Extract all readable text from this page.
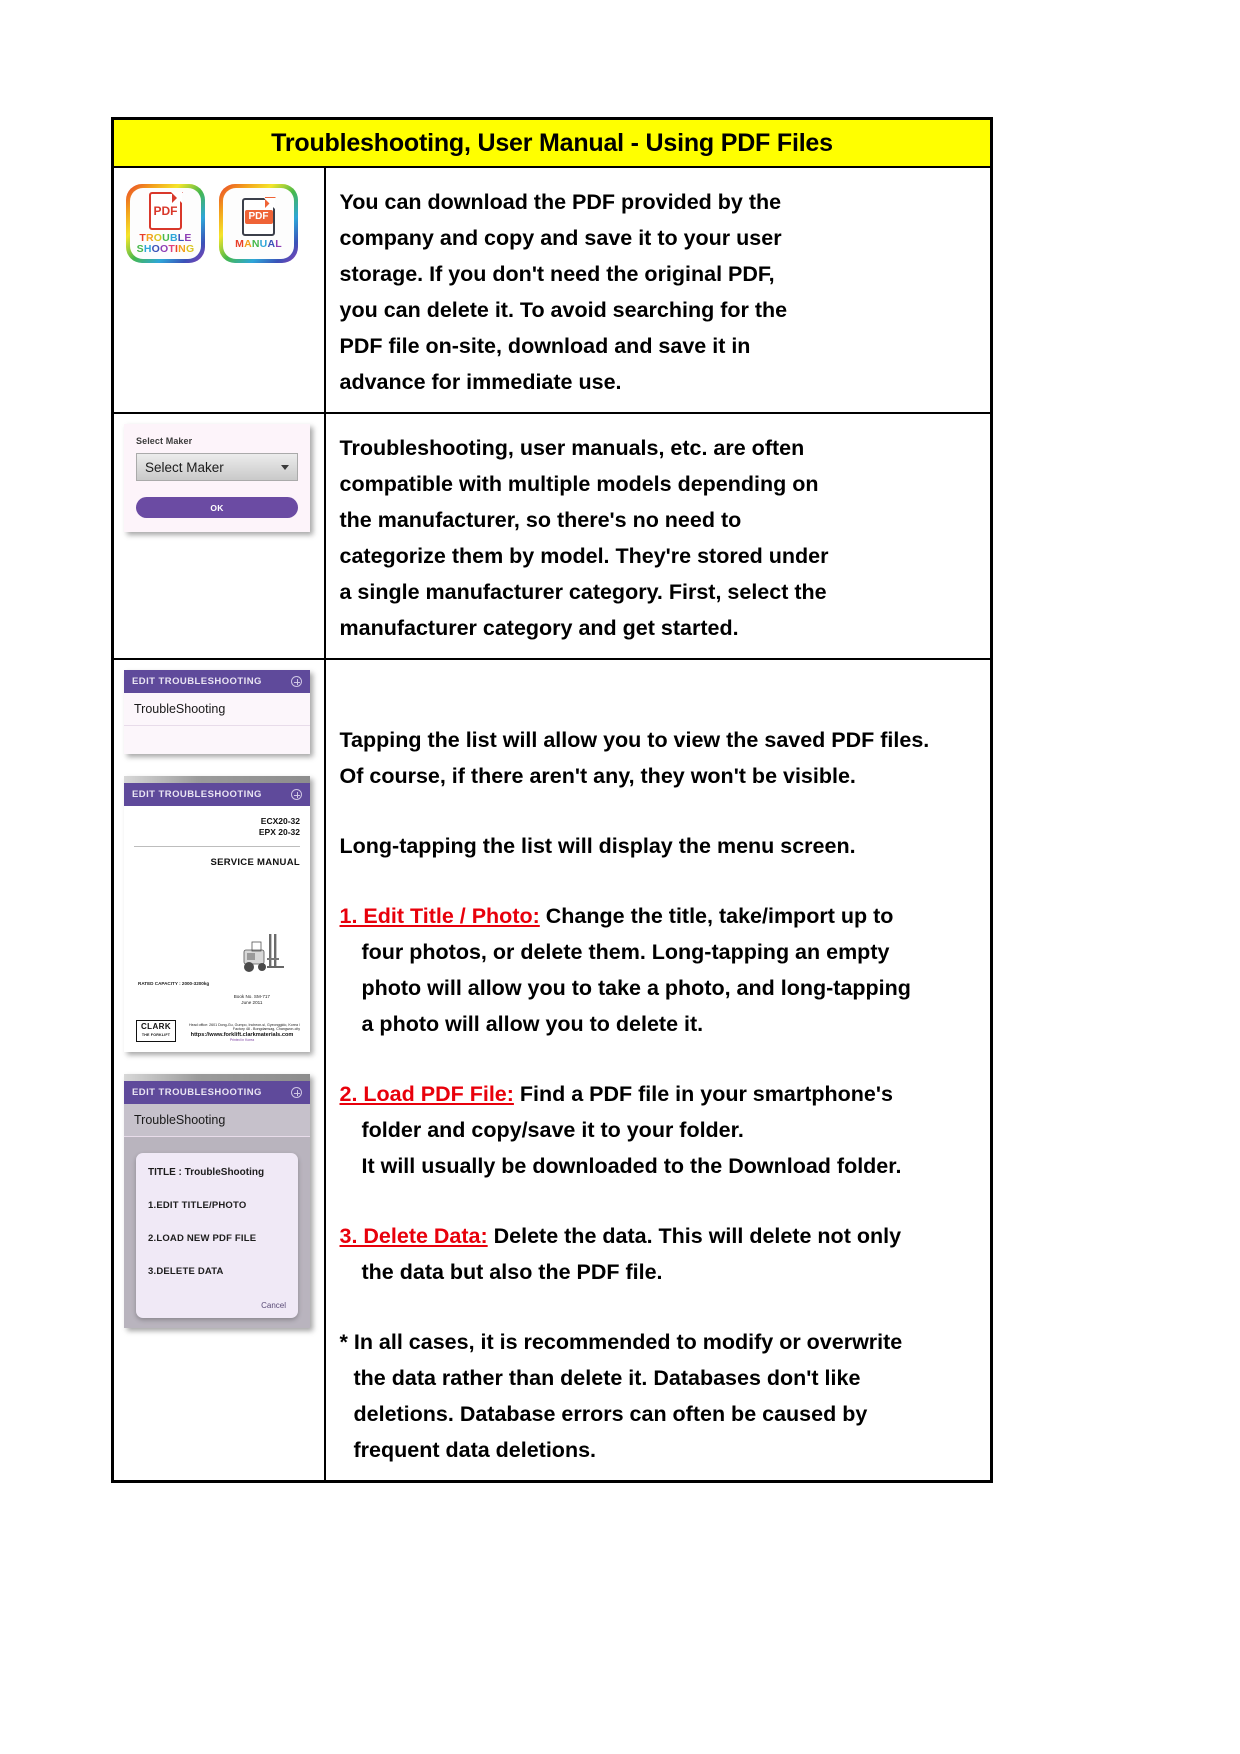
Troubleshooting, User Manual - Using PDF Files	

PDF
TROUBLE
SHOOTING
PDF
MANUAL

You can download the PDF provided by the
company and copy and save it to your user
storage. If you don't need the original PDF,
you can delete it. To avoid searching for the
PDF file on-site, download and save it in
advance for immediate use.

Select Maker
Select Maker
OK

Troubleshooting, user manuals, etc. are often
compatible with multiple models depending on
the manufacturer, so there's no need to
categorize them by model. They're stored under
a single manufacturer category. First, select the
manufacturer category and get started.

EDIT TROUBLESHOOTING
TroubleShooting
EDIT TROUBLESHOOTING
ECX20-32
EPX 20-32
SERVICE MANUAL
RATED CAPACITY : 2000-3200kg
Book No. SM-717
June 2011
CLARK
THE FORKLIFT
Head office: 2601 Dong-Gu, Gumpo, Incheon-si, Gyeonggido, Korea / Factory 48 - Bongdamsag, Changwon-city
https://www.forklift.clarkmaterials.com
Printed in Korea
EDIT TROUBLESHOOTING
TroubleShooting
TITLE : TroubleShooting
1.EDIT TITLE/PHOTO
2.LOAD NEW PDF FILE
3.DELETE DATA
Cancel

Tapping the list will allow you to view the saved PDF files.
Of course, if there aren't any, they won't be visible.
Long-tapping the list will display the menu screen.
1. Edit Title / Photo: Change the title, take/import up to
four photos, or delete them. Long-tapping an empty
photo will allow you to take a photo, and long-tapping
a photo will allow you to delete it.
2. Load PDF File: Find a PDF file in your smartphone's
folder and copy/save it to your folder.
It will usually be downloaded to the Download folder.
3. Delete Data: Delete the data. This will delete not only
the data but also the PDF file.
* In all cases, it is recommended to modify or overwrite
the data rather than delete it. Databases don't like
deletions. Database errors can often be caused by
frequent data deletions.
